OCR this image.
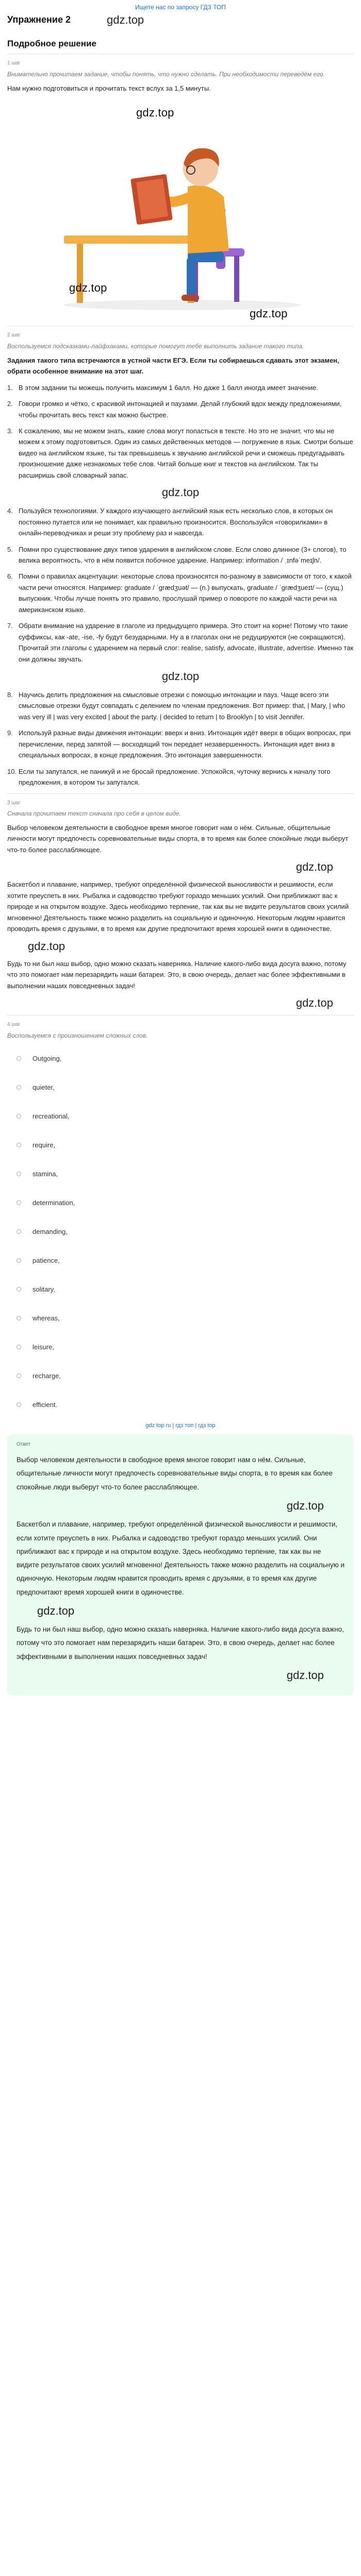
Ищете нас по запросу ГДЗ ТОП
Упражнение 2	gdz.top
Подробное решение
1 шаг
Внимательно прочитаем задание, чтобы понять, что нужно сделать. При необходимости переведём его.
Нам нужно подготовиться и прочитать текст вслух за 1,5 минуты.
gdz.top
gdz.top
gdz.top
2 шаг
Воспользуемся подсказками-лайфхаками, которые помогут тебе выполнить задание такого типа.
Задания такого типа встречаются в устной части ЕГЭ. Если ты собираешься сдавать этот экзамен, обрати особенное внимание на этот шаг.
1. В этом задании ты можешь получить максимум 1 балл. Но даже 1 балл иногда имеет значение.
2. Говори громко и чётко, с красивой интонацией и паузами. Делай глубокий вдох между предложениями, чтобы прочитать весь текст как можно быстрее.
3. К сожалению, мы не можем знать, какие слова могут попасться в тексте. Но это не значит, что мы не можем к этому подготовиться. Один из самых действенных методов — погружение в язык. Смотри больше видео на английском языке, ты так превышаешь к звучанию английской речи и сможешь предугадывать произношение даже незнакомых тебе слов. Читай больше книг и текстов на английском. Так ты расширишь свой словарный запас.
gdz.top
4. Пользуйся технологиями. У каждого изучающего английский язык есть несколько слов, в которых он постоянно путается или не понимает, как правильно произносится. Воспользуйся «говорилками» в онлайн-переводчиках и реши эту проблему раз и навсегда.
5. Помни про существование двух типов ударения в английском слове. Если слово длинное (3+ слогов), то велика вероятность, что в нём появится побочное ударение. Например: information / ˌɪnfəˈmeɪʃn/.
6. Помни о правилах акцентуации: некоторые слова произносятся по-разному в зависимости от того, к какой части речи относятся. Например: graduate / ˈɡrædʒuət/ — (n.) выпускать, graduate / ˈɡrædʒueɪt/ — (сущ.) выпускник. Чтобы лучше понять это правило, прослушай пример о повороте по каждой части речи на американском языке.
7. Обрати внимание на ударение в глаголе из предыдущего примера. Это стоит на корне! Потому что такие суффиксы, как -ate, -ise, -fy будут безударными. Ну а в глаголах они не редуцируются (не сокращаются). Прочитай эти глаголы с ударением на первый слог: realise, satisfy, advocate, illustrate, advertise. Именно так они должны звучать.
gdz.top
8. Научись делить предложения на смысловые отрезки с помощью интонации и пауз. Чаще всего эти смысловые отрезки будут совпадать с делением по членам предложения. Вот пример: that, | Mary, | who was very ill | was very excited | about the party. | decided to return | to Brooklyn | to visit Jennifer.
9. Используй разные виды движения интонации: вверх и вниз. Интонация идёт вверх в общих вопросах, при перечислении, перед запятой — восходящий тон передает незавершенность. Интонация идет вниз в специальных вопросах, в конце предложения. Это интонация завершенности.
10. Если ты запутался, не паникуй и не бросай предложение. Успокойся, чуточку вернись к началу того предложения, в котором ты запутался.
3 шаг
Сначала прочитаем текст сначала про себя в целом виде.
Выбор человеком деятельности в свободное время многое говорит нам о нём. Сильные, общительные личности могут предпочесть соревновательные виды спорта, в то время как более спокойные люди выберут что-то более расслабляющее.
gdz.top
Баскетбол и плавание, например, требуют определённой физической выносливости и решимости, если хотите преуспеть в них. Рыбалка и садоводство требуют гораздо меньших усилий. Они приближают вас к природе и на открытом воздухе. Здесь необходимо терпение, так как вы не видите результатов своих усилий мгновенно! Деятельность также можно разделить на социальную и одиночную. Некоторым людям нравится проводить время с друзьями, в то время как другие предпочитают время хорошей книги в одиночестве.
gdz.top
Будь то ни был наш выбор, одно можно сказать наверняка. Наличие какого-либо вида досуга важно, потому что это помогает нам перезарядить наши батареи. Это, в свою очередь, делает нас более эффективными в выполнении наших повседневных задач!
gdz.top
4 шаг
Воспользуемся с произношением сложных слов.
Outgoing,
quieter,
recreational,
require,
stamina,
determination,
demanding,
patience,
solitary,
whereas,
leisure,
recharge,
efficient.
gdz top ru | гдз топ | гдз top
Ответ
Выбор человеком деятельности в свободное время многое говорит нам о нём. Сильные, общительные личности могут предпочесть соревновательные виды спорта, в то время как более спокойные люди выберут что-то более расслабляющее.
gdz.top
Баскетбол и плавание, например, требуют определённой физической выносливости и решимости, если хотите преуспеть в них. Рыбалка и садоводство требуют гораздо меньших усилий. Они приближают вас к природе и на открытом воздухе. Здесь необходимо терпение, так как вы не видите результатов своих усилий мгновенно! Деятельность также можно разделить на социальную и одиночную. Некоторым людям нравится проводить время с друзьями, в то время как другие предпочитают время хорошей книги в одиночестве.
gdz.top
Будь то ни был наш выбор, одно можно сказать наверняка. Наличие какого-либо вида досуга важно, потому что это помогает нам перезарядить наши батареи. Это, в свою очередь, делает нас более эффективными в выполнении наших повседневных задач!
gdz.top
